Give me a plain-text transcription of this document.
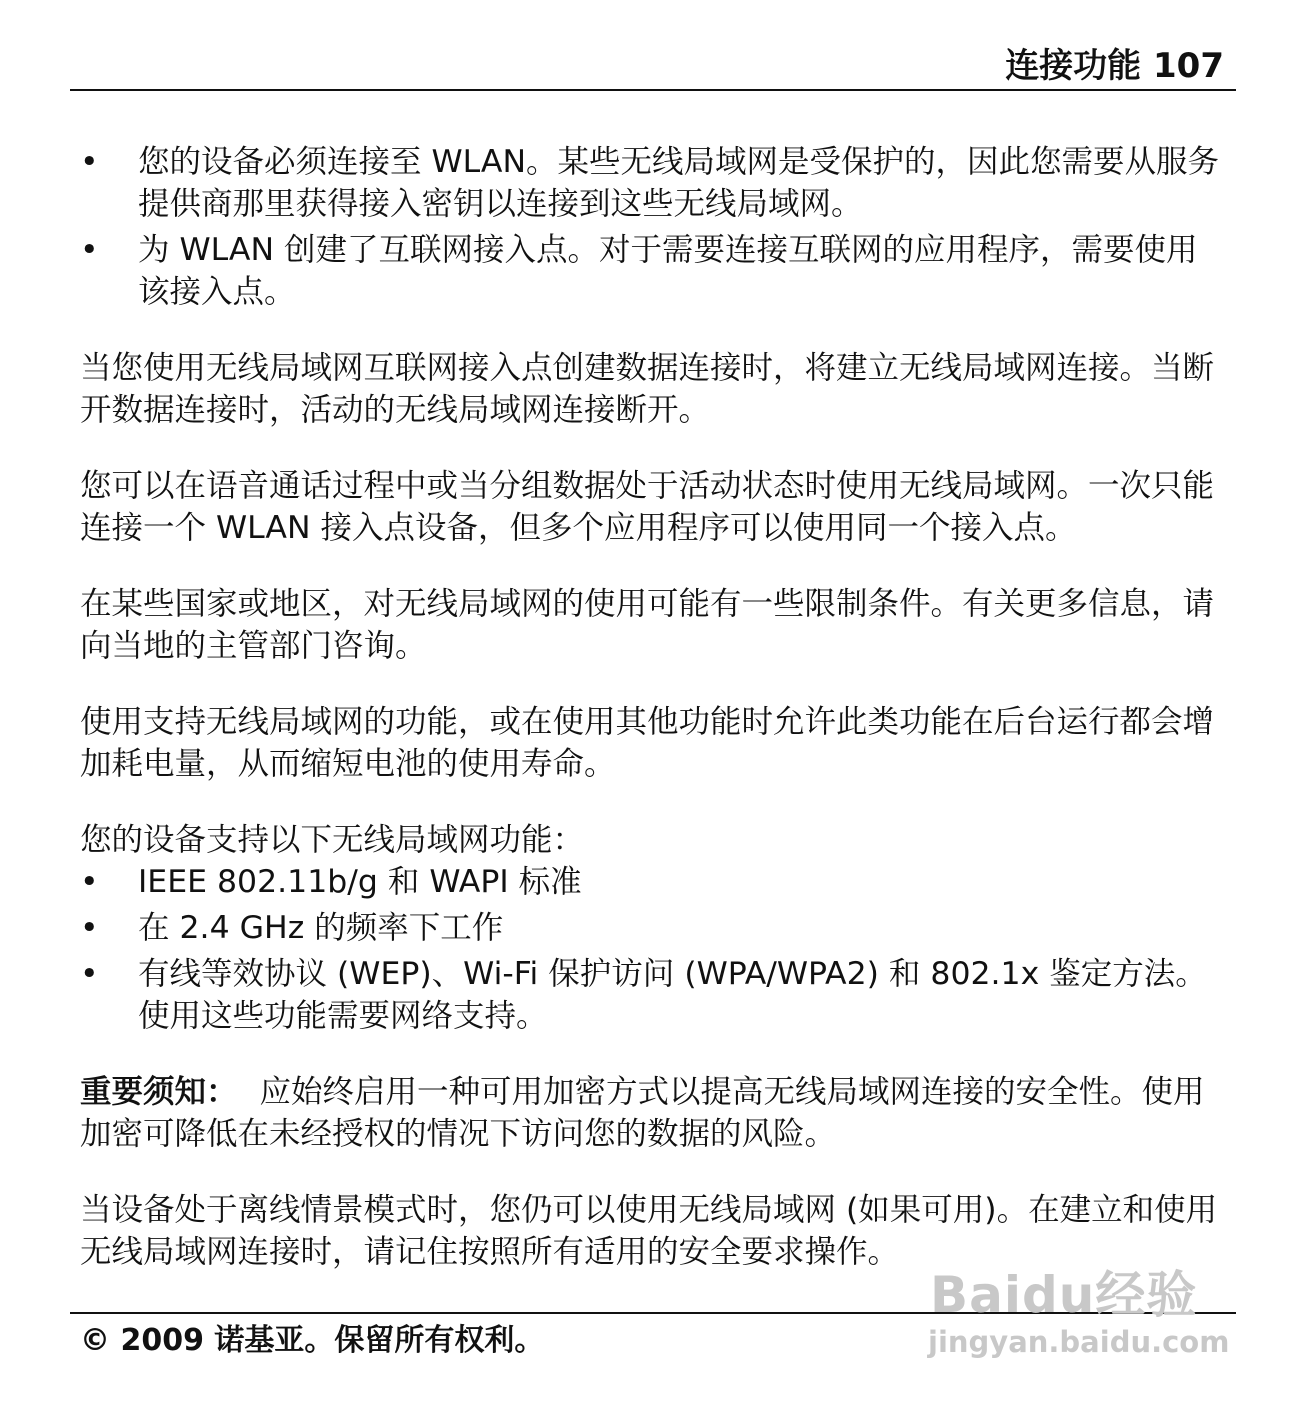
连接功能 107
• 您的设备必须连接至 WLAN。某些无线局域网是受保护的，因此您需要从服务提供商那里获得接入密钥以连接到这些无线局域网。
• 为 WLAN 创建了互联网接入点。对于需要连接互联网的应用程序，需要使用该接入点。

当您使用无线局域网互联网接入点创建数据连接时，将建立无线局域网连接。当断开数据连接时，活动的无线局域网连接断开。

您可以在语音通话过程中或当分组数据处于活动状态时使用无线局域网。一次只能连接一个 WLAN 接入点设备，但多个应用程序可以使用同一个接入点。

在某些国家或地区，对无线局域网的使用可能有一些限制条件。有关更多信息，请向当地的主管部门咨询。

使用支持无线局域网的功能，或在使用其他功能时允许此类功能在后台运行都会增加耗电量，从而缩短电池的使用寿命。

您的设备支持以下无线局域网功能：

• IEEE 802.11b/g 和 WAPI 标准
• 在 2.4 GHz 的频率下工作
• 有线等效协议 (WEP)、Wi-Fi 保护访问 (WPA/WPA2) 和 802.1x 鉴定方法。使用这些功能需要网络支持。

重要须知： 应始终启用一种可用加密方式以提高无线局域网连接的安全性。使用加密可降低在未经授权的情况下访问您的数据的风险。

当设备处于离线情景模式时，您仍可以使用无线局域网 (如果可用)。在建立和使用无线局域网连接时，请记住按照所有适用的安全要求操作。

© 2009 诺基亚。保留所有权利。
Baidu经验
jingyan.baidu.com
